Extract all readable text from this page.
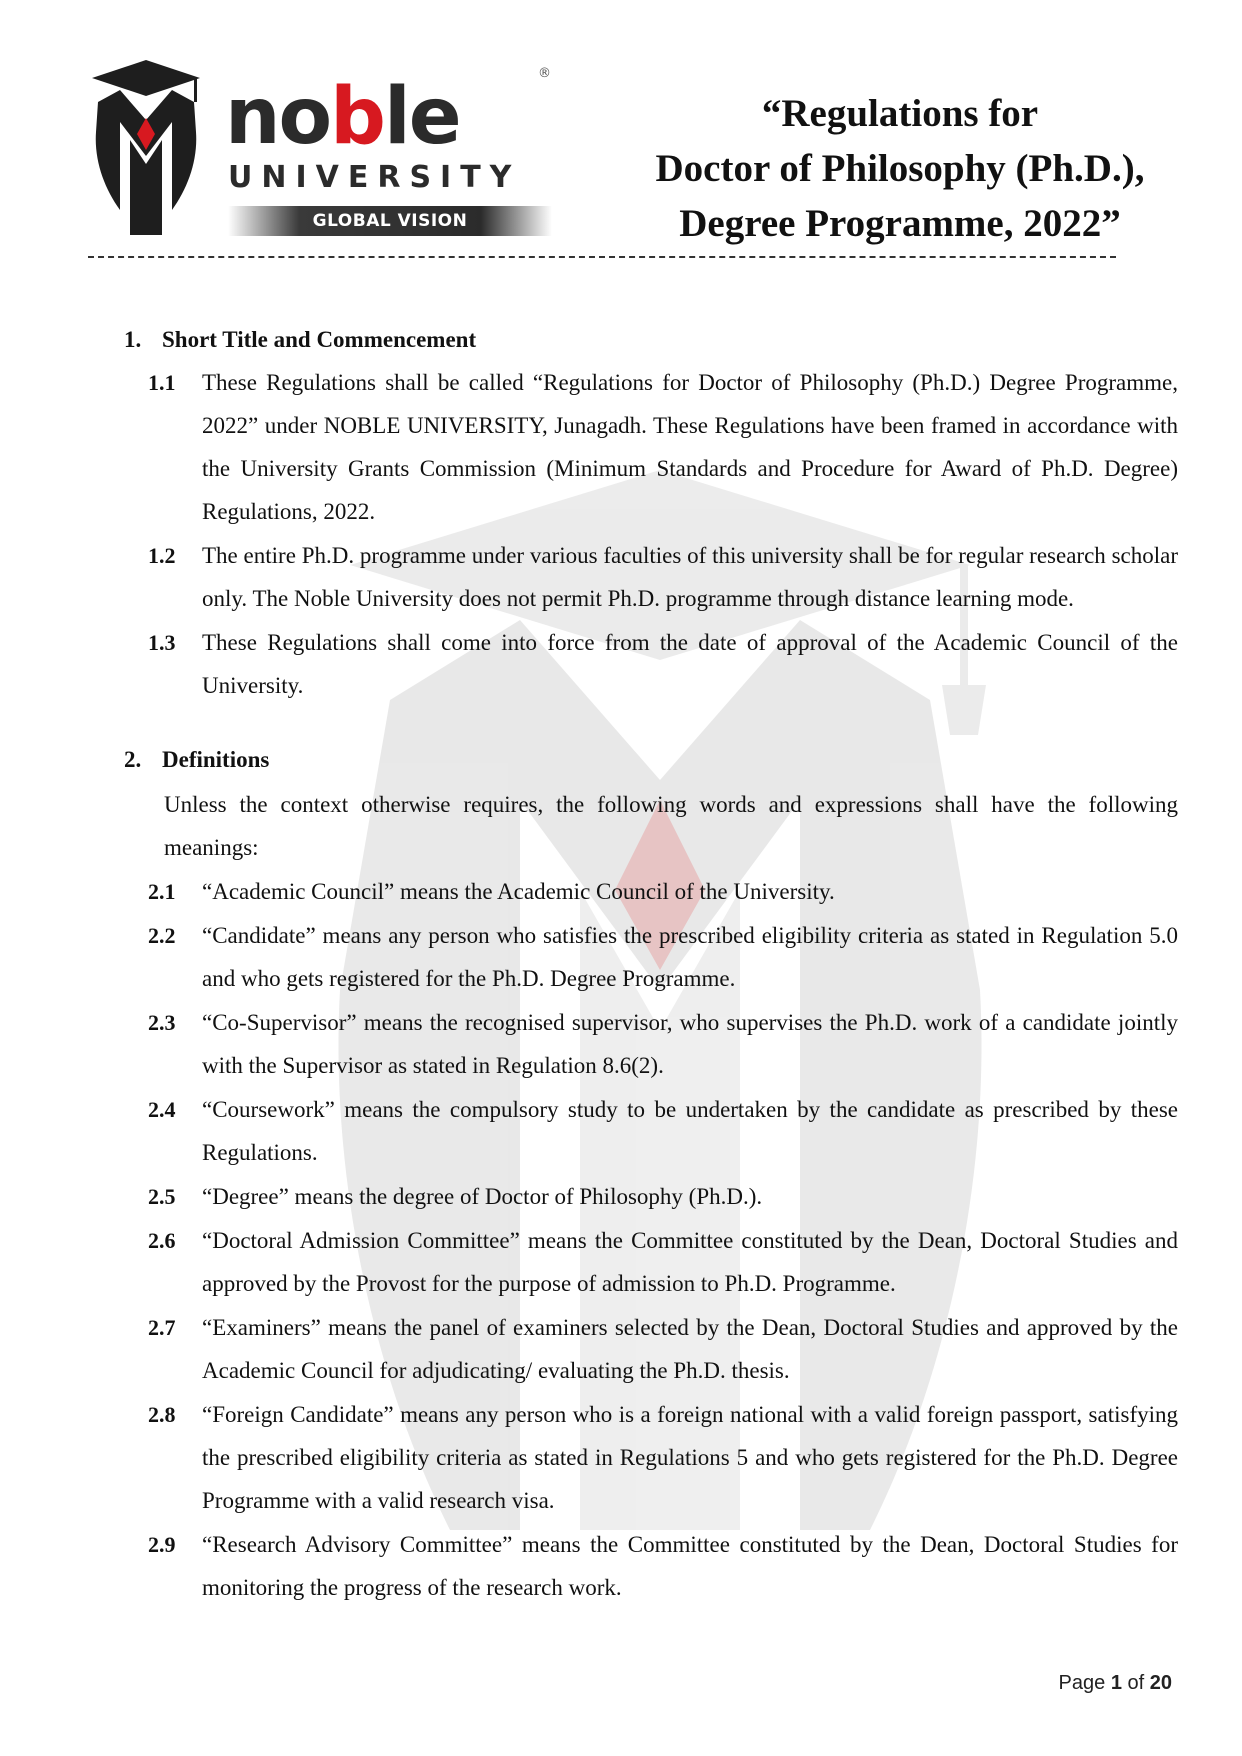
noble	®
UNIVERSITY
GLOBAL VISION
“Regulations for
Doctor of Philosophy (Ph.D.),
Degree Programme, 2022”
1. Short Title and Commencement
1.1 These Regulations shall be called “Regulations for Doctor of Philosophy (Ph.D.) Degree Programme, 2022” under NOBLE UNIVERSITY, Junagadh. These Regulations have been framed in accordance with the University Grants Commission (Minimum Standards and Procedure for Award of Ph.D. Degree) Regulations, 2022.
1.2 The entire Ph.D. programme under various faculties of this university shall be for regular research scholar only. The Noble University does not permit Ph.D. programme through distance learning mode.
1.3 These Regulations shall come into force from the date of approval of the Academic Council of the University.
2. Definitions
Unless the context otherwise requires, the following words and expressions shall have the following meanings:
2.1 “Academic Council” means the Academic Council of the University.
2.2 “Candidate” means any person who satisfies the prescribed eligibility criteria as stated in Regulation 5.0 and who gets registered for the Ph.D. Degree Programme.
2.3 “Co-Supervisor” means the recognised supervisor, who supervises the Ph.D. work of a candidate jointly with the Supervisor as stated in Regulation 8.6(2).
2.4 “Coursework” means the compulsory study to be undertaken by the candidate as prescribed by these Regulations.
2.5 “Degree” means the degree of Doctor of Philosophy (Ph.D.).
2.6 “Doctoral Admission Committee” means the Committee constituted by the Dean, Doctoral Studies and approved by the Provost for the purpose of admission to Ph.D. Programme.
2.7 “Examiners” means the panel of examiners selected by the Dean, Doctoral Studies and approved by the Academic Council for adjudicating/ evaluating the Ph.D. thesis.
2.8 “Foreign Candidate” means any person who is a foreign national with a valid foreign passport, satisfying the prescribed eligibility criteria as stated in Regulations 5 and who gets registered for the Ph.D. Degree Programme with a valid research visa.
2.9 “Research Advisory Committee” means the Committee constituted by the Dean, Doctoral Studies for monitoring the progress of the research work.
Page 1 of 20
